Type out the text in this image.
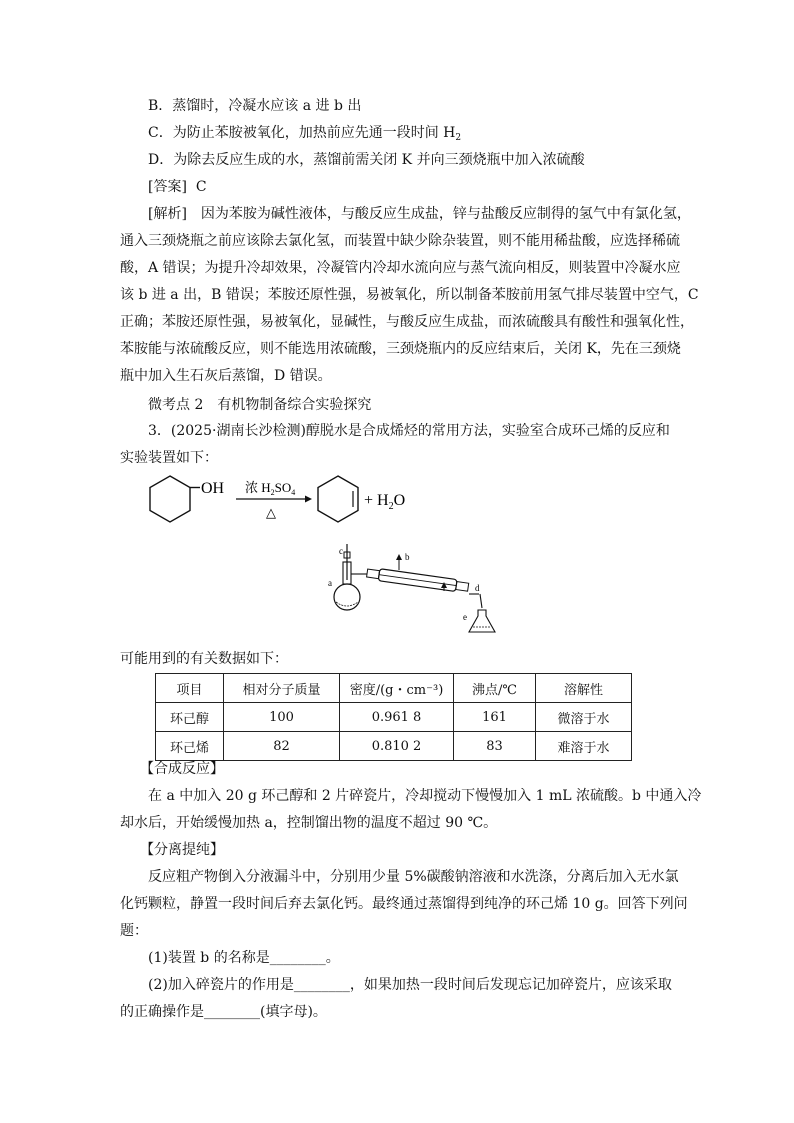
B．蒸馏时，冷凝水应该 a 进 b 出
C．为防止苯胺被氧化，加热前应先通一段时间 $H_2$
D．为除去反应生成的水，蒸馏前需关闭 K 并向三颈烧瓶中加入浓硫酸
[答案] C
[解析]　因为苯胺为碱性液体，与酸反应生成盐，锌与盐酸反应制得的氢气中有氯化氢，
通入三颈烧瓶之前应该除去氯化氢，而装置中缺少除杂装置，则不能用稀盐酸，应选择稀硫
酸，A 错误；为提升冷却效果，冷凝管内冷却水流向应与蒸气流向相反，则装置中冷凝水应
该 b 进 a 出，B 错误；苯胺还原性强，易被氧化，所以制备苯胺前用氢气排尽装置中空气，C
正确；苯胺还原性强，易被氧化，显碱性，与酸反应生成盐，而浓硫酸具有酸性和强氧化性，
苯胺能与浓硫酸反应，则不能选用浓硫酸，三颈烧瓶内的反应结束后，关闭 K，先在三颈烧
瓶中加入生石灰后蒸馏，D 错误。
微考点 2　有机物制备综合实验探究
3．(2025·湖南长沙检测)醇脱水是合成烯烃的常用方法，实验室合成环己烯的反应和
实验装置如下：
OH 浓 $H_2SO_4$
△
+ $H_2O$
c
a
b
d
e
可能用到的有关数据如下：
项目	相对分子质量	密度/(g・cm⁻³)	沸点/℃	溶解性
环己醇	100	0.961 8	161	微溶于水
环己烯	82	0.810 2	83	难溶于水
【合成反应】
在 a 中加入 20 g 环己醇和 2 片碎瓷片，冷却搅动下慢慢加入 1 mL 浓硫酸。b 中通入冷
却水后，开始缓慢加热 a，控制馏出物的温度不超过 90 ℃。
【分离提纯】
反应粗产物倒入分液漏斗中，分别用少量 5%碳酸钠溶液和水洗涤，分离后加入无水氯
化钙颗粒，静置一段时间后弃去氯化钙。最终通过蒸馏得到纯净的环己烯 10 g。回答下列问
题：
(1)装置 b 的名称是________。
(2)加入碎瓷片的作用是________，如果加热一段时间后发现忘记加碎瓷片，应该采取
的正确操作是________(填字母)。
